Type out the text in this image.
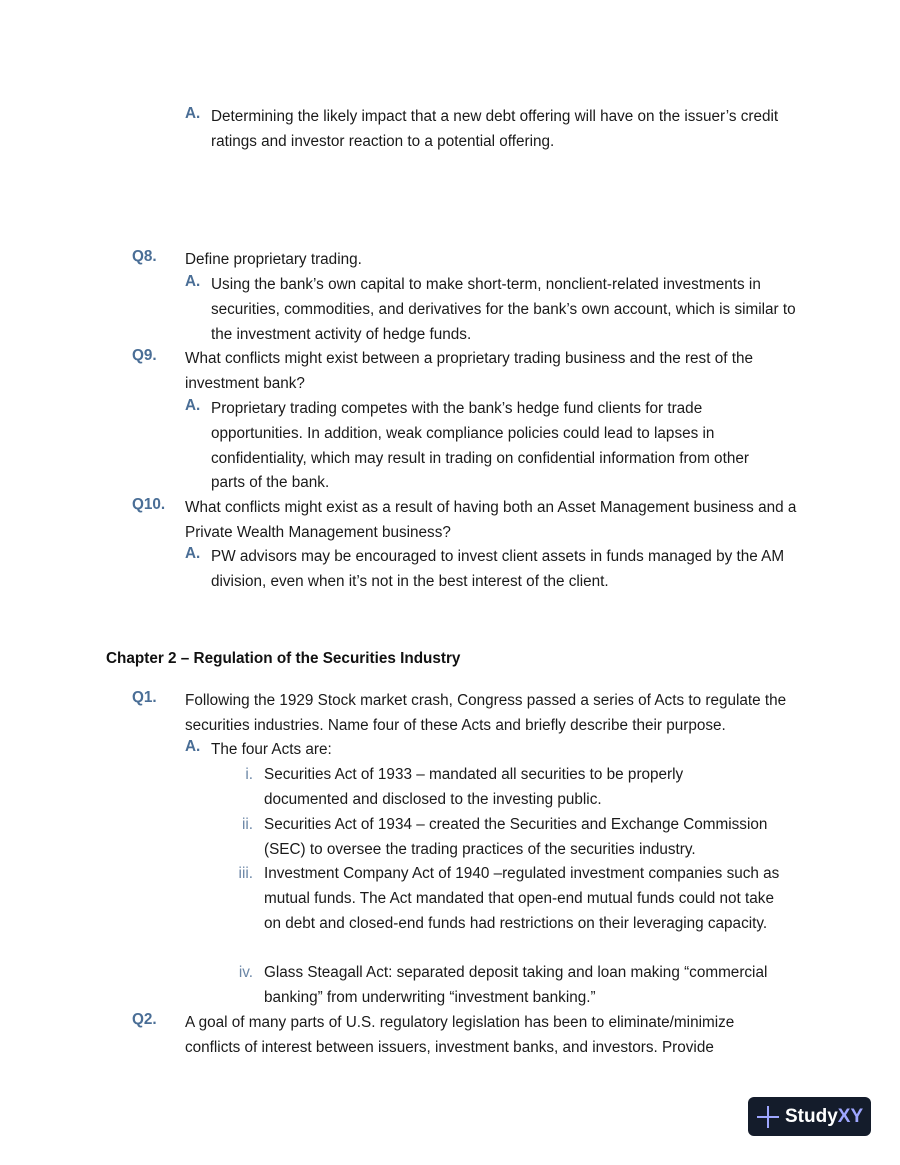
A. Determining the likely impact that a new debt offering will have on the issuer’s credit ratings and investor reaction to a potential offering.
Q8. Define proprietary trading.
A. Using the bank’s own capital to make short-term, nonclient-related investments in securities, commodities, and derivatives for the bank’s own account, which is similar to the investment activity of hedge funds.
Q9. What conflicts might exist between a proprietary trading business and the rest of the investment bank?
A. Proprietary trading competes with the bank’s hedge fund clients for trade opportunities. In addition, weak compliance policies could lead to lapses in confidentiality, which may result in trading on confidential information from other parts of the bank.
Q10. What conflicts might exist as a result of having both an Asset Management business and a Private Wealth Management business?
A. PW advisors may be encouraged to invest client assets in funds managed by the AM division, even when it’s not in the best interest of the client.
Chapter 2 – Regulation of the Securities Industry
Q1. Following the 1929 Stock market crash, Congress passed a series of Acts to regulate the securities industries. Name four of these Acts and briefly describe their purpose.
A. The four Acts are:
i. Securities Act of 1933 – mandated all securities to be properly documented and disclosed to the investing public.
ii. Securities Act of 1934 – created the Securities and Exchange Commission (SEC) to oversee the trading practices of the securities industry.
iii. Investment Company Act of 1940 –regulated investment companies such as mutual funds. The Act mandated that open-end mutual funds could not take on debt and closed-end funds had restrictions on their leveraging capacity.
iv. Glass Steagall Act: separated deposit taking and loan making “commercial banking” from underwriting “investment banking.”
Q2. A goal of many parts of U.S. regulatory legislation has been to eliminate/minimize conflicts of interest between issuers, investment banks, and investors. Provide
Study XY
